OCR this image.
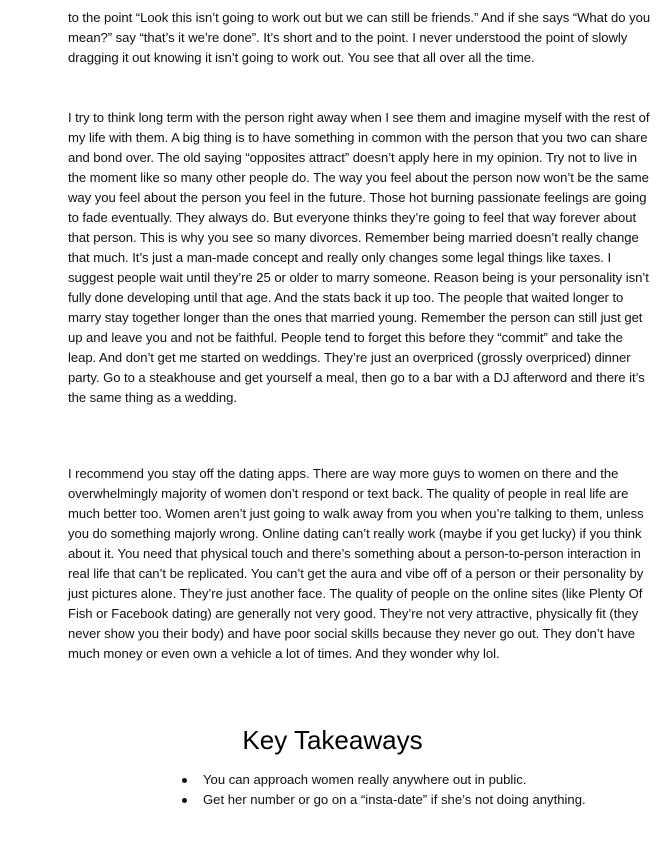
to the point “Look this isn’t going to work out but we can still be friends.” And if she says “What do you mean?” say “that’s it we’re done”. It’s short and to the point. I never understood the point of slowly dragging it out knowing it isn’t going to work out. You see that all over all the time.

I try to think long term with the person right away when I see them and imagine myself with the rest of my life with them. A big thing is to have something in common with the person that you two can share and bond over. The old saying “opposites attract” doesn’t apply here in my opinion. Try not to live in the moment like so many other people do. The way you feel about the person now won’t be the same way you feel about the person you feel in the future. Those hot burning passionate feelings are going to fade eventually. They always do. But everyone thinks they’re going to feel that way forever about that person. This is why you see so many divorces. Remember being married doesn’t really change that much. It’s just a man-made concept and really only changes some legal things like taxes. I suggest people wait until they’re 25 or older to marry someone. Reason being is your personality isn’t fully done developing until that age. And the stats back it up too. The people that waited longer to marry stay together longer than the ones that married young. Remember the person can still just get up and leave you and not be faithful. People tend to forget this before they “commit” and take the leap. And don’t get me started on weddings. They’re just an overpriced (grossly overpriced) dinner party. Go to a steakhouse and get yourself a meal, then go to a bar with a DJ afterword and there it’s the same thing as a wedding.

I recommend you stay off the dating apps. There are way more guys to women on there and the overwhelmingly majority of women don’t respond or text back. The quality of people in real life are much better too. Women aren’t just going to walk away from you when you’re talking to them, unless you do something majorly wrong. Online dating can’t really work (maybe if you get lucky) if you think about it. You need that physical touch and there’s something about a person-to-person interaction in real life that can’t be replicated. You can’t get the aura and vibe off of a person or their personality by just pictures alone. They’re just another face. The quality of people on the online sites (like Plenty Of Fish or Facebook dating) are generally not very good. They’re not very attractive, physically fit (they never show you their body) and have poor social skills because they never go out. They don’t have much money or even own a vehicle a lot of times. And they wonder why lol.

Key Takeaways
You can approach women really anywhere out in public.
Get her number or go on a “insta-date” if she’s not doing anything.
